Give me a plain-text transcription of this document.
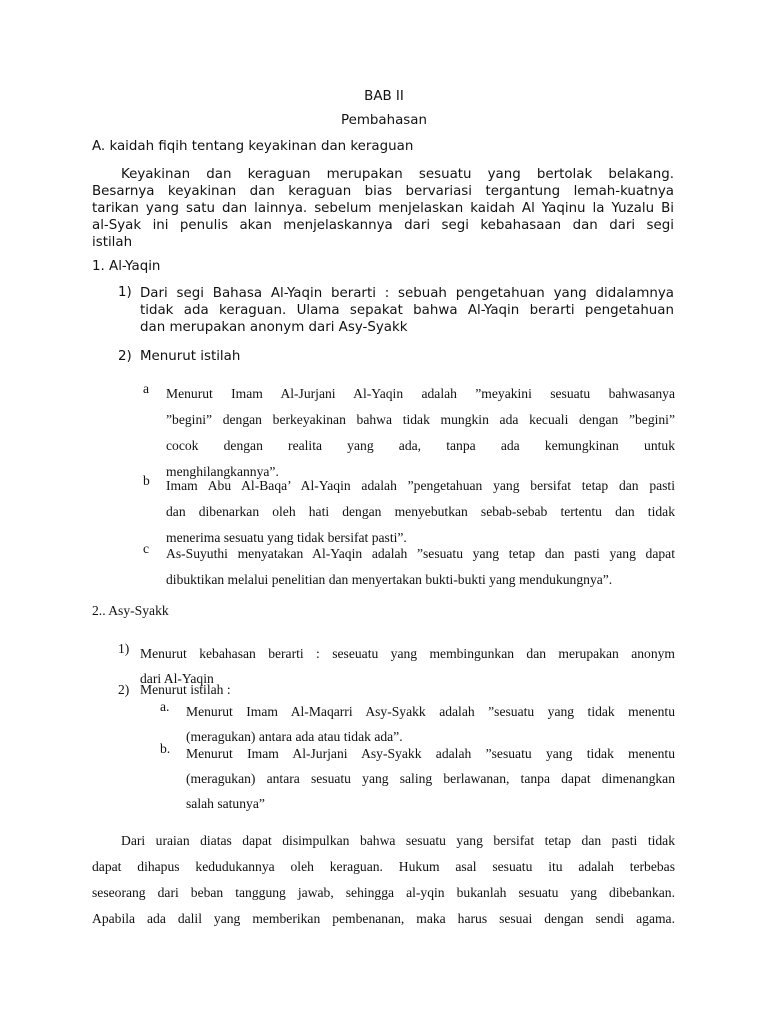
BAB II
Pembahasan
A. kaidah fiqih tentang keyakinan dan keraguan
Keyakinan dan keraguan merupakan sesuatu yang bertolak belakang.
Besarnya keyakinan dan keraguan bias bervariasi tergantung lemah-kuatnya
tarikan yang satu dan lainnya. sebelum menjelaskan kaidah Al Yaqinu la Yuzalu Bi
al-Syak ini penulis akan menjelaskannya dari segi kebahasaan dan dari segi
istilah
1. Al-Yaqin
1) Dari segi Bahasa Al-Yaqin berarti : sebuah pengetahuan yang didalamnya
tidak ada keraguan. Ulama sepakat bahwa Al-Yaqin berarti pengetahuan
dan merupakan anonym dari Asy-Syakk
2) Menurut istilah
a Menurut Imam Al-Jurjani Al-Yaqin adalah ”meyakini sesuatu bahwasanya
”begini” dengan berkeyakinan bahwa tidak mungkin ada kecuali dengan ”begini”
cocok dengan realita yang ada, tanpa ada kemungkinan untuk
menghilangkannya”.
b Imam Abu Al-Baqa’ Al-Yaqin adalah ”pengetahuan yang bersifat tetap dan pasti
dan dibenarkan oleh hati dengan menyebutkan sebab-sebab tertentu dan tidak
menerima sesuatu yang tidak bersifat pasti”.
c As-Suyuthi menyatakan Al-Yaqin adalah ”sesuatu yang tetap dan pasti yang dapat
dibuktikan melalui penelitian dan menyertakan bukti-bukti yang mendukungnya”.
2.. Asy-Syakk
1) Menurut kebahasan berarti : seseuatu yang membingunkan dan merupakan anonym
dari Al-Yaqin
2) Menurut istilah :
a. Menurut Imam Al-Maqarri Asy-Syakk adalah ”sesuatu yang tidak menentu
(meragukan) antara ada atau tidak ada”.
b. Menurut Imam Al-Jurjani Asy-Syakk adalah ”sesuatu yang tidak menentu
(meragukan) antara sesuatu yang saling berlawanan, tanpa dapat dimenangkan
salah satunya”
Dari uraian diatas dapat disimpulkan bahwa sesuatu yang bersifat tetap dan pasti tidak
dapat dihapus kedudukannya oleh keraguan. Hukum asal sesuatu itu adalah terbebas
seseorang dari beban tanggung jawab, sehingga al-yqin bukanlah sesuatu yang dibebankan.
Apabila ada dalil yang memberikan pembenanan, maka harus sesuai dengan sendi agama.
